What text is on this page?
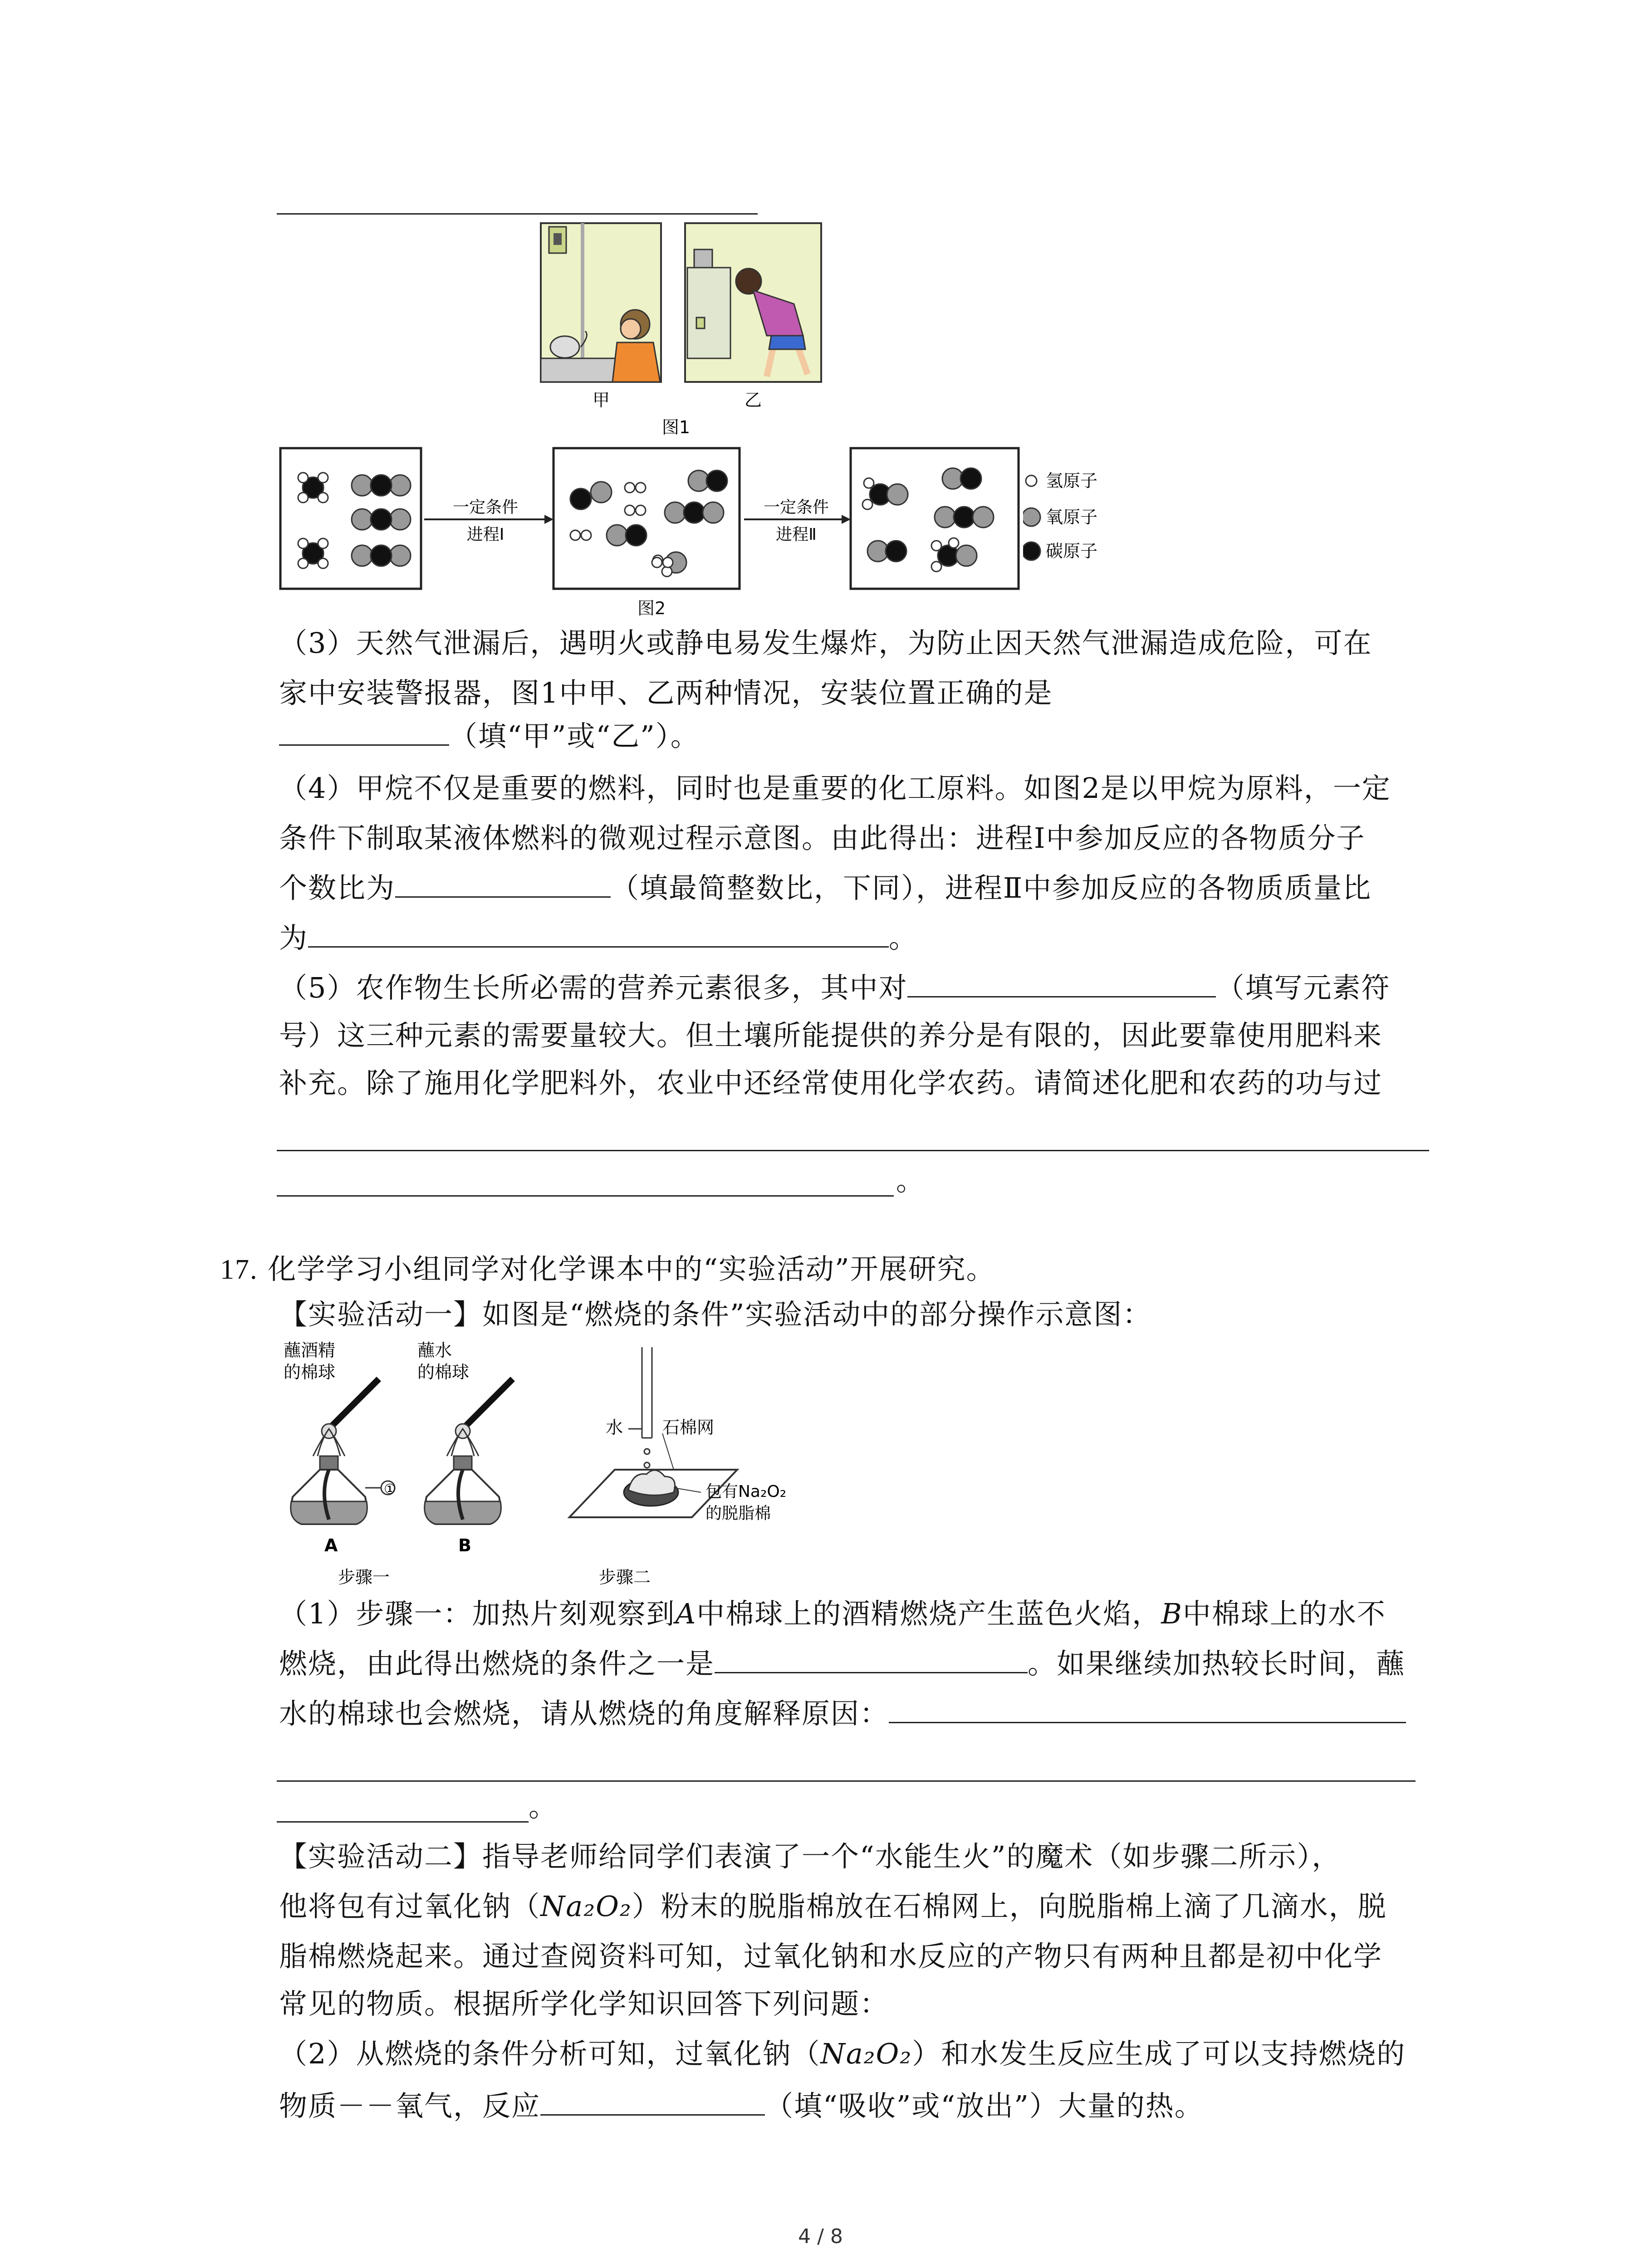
甲	乙
图1
一定条件
进程Ⅰ
一定条件
进程Ⅱ
氢原子
氧原子
碳原子
图2
（3）天然气泄漏后，遇明火或静电易发生爆炸，为防止因天然气泄漏造成危险，可在
家中安装警报器，图1中甲、乙两种情况，安装位置正确的是
（填“甲”或“乙”）。
（4）甲烷不仅是重要的燃料，同时也是重要的化工原料。如图2是以甲烷为原料，一定
条件下制取某液体燃料的微观过程示意图。由此得出：进程Ⅰ中参加反应的各物质分子
个数比为	（填最简整数比，下同），进程Ⅱ中参加反应的各物质质量比
为	。
（5）农作物生长所必需的营养元素很多，其中对	（填写元素符
号）这三种元素的需要量较大。但土壤所能提供的养分是有限的，因此要靠使用肥料来
补充。除了施用化学肥料外，农业中还经常使用化学农药。请简述化肥和农药的功与过
。
17. 化学学习小组同学对化学课本中的“实验活动”开展研究。
【实验活动一】如图是“燃烧的条件”实验活动中的部分操作示意图：
蘸酒精
的棉球
蘸水
的棉球
①
A
步骤一
B
水 石棉网
包有Na₂O₂
的脱脂棉
步骤二
（1）步骤一：加热片刻观察到A中棉球上的酒精燃烧产生蓝色火焰，B中棉球上的水不
燃烧，由此得出燃烧的条件之一是	。如果继续加热较长时间，蘸
水的棉球也会燃烧，请从燃烧的角度解释原因：
。
【实验活动二】指导老师给同学们表演了一个“水能生火”的魔术（如步骤二所示），
他将包有过氧化钠（Na₂O₂）粉末的脱脂棉放在石棉网上，向脱脂棉上滴了几滴水，脱
脂棉燃烧起来。通过查阅资料可知，过氧化钠和水反应的产物只有两种且都是初中化学
常见的物质。根据所学化学知识回答下列问题：
（2）从燃烧的条件分析可知，过氧化钠（Na₂O₂）和水发生反应生成了可以支持燃烧的
物质－－氧气，反应	（填“吸收”或“放出”）大量的热。
4 / 8
